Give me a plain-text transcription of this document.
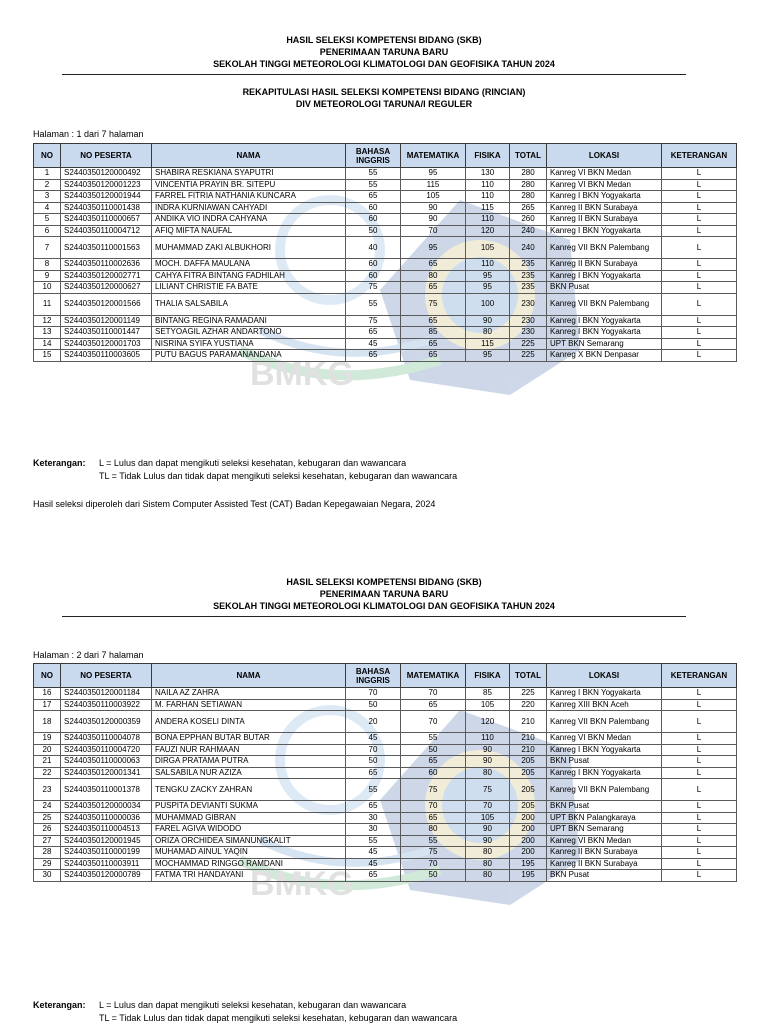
BMKG
HASIL SELEKSI KOMPETENSI BIDANG (SKB)
PENERIMAAN TARUNA BARU
SEKOLAH TINGGI METEOROLOGI KLIMATOLOGI DAN GEOFISIKA TAHUN 2024
REKAPITULASI HASIL SELEKSI KOMPETENSI BIDANG (RINCIAN)
DIV METEOROLOGI TARUNA/I REGULER
Halaman : 1 dari 7 halaman
NO	NO PESERTA	NAMA	BAHASA INGGRIS	MATEMATIKA	FISIKA	TOTAL	LOKASI	KETERANGAN
1	S2440350120000492	SHABIRA RESKIANA SYAPUTRI	55	95	130	280	Kanreg VI BKN Medan	L
2	S2440350120001223	VINCENTIA PRAYIN BR. SITEPU	55	115	110	280	Kanreg VI BKN Medan	L
3	S2440350120001944	FARREL FITRIA NATHANIA KUNCARA	65	105	110	280	Kanreg I BKN Yogyakarta	L
4	S2440350110001438	INDRA KURNIAWAN CAHYADI	60	90	115	265	Kanreg II BKN Surabaya	L
5	S2440350110000657	ANDIKA VIO INDRA CAHYANA	60	90	110	260	Kanreg II BKN Surabaya	L
6	S2440350110004712	AFIQ MIFTA NAUFAL	50	70	120	240	Kanreg I BKN Yogyakarta	L
7	S2440350110001563	MUHAMMAD ZAKI ALBUKHORI	40	95	105	240	Kanreg VII BKN Palembang	L
8	S2440350110002636	MOCH. DAFFA MAULANA	60	65	110	235	Kanreg II BKN Surabaya	L
9	S2440350120002771	CAHYA FITRA BINTANG FADHILAH	60	80	95	235	Kanreg I BKN Yogyakarta	L
10	S2440350120000627	LILIANT CHRISTIE FA BATE	75	65	95	235	BKN Pusat	L
11	S2440350120001566	THALIA SALSABILA	55	75	100	230	Kanreg VII BKN Palembang	L
12	S2440350120001149	BINTANG REGINA RAMADANI	75	65	90	230	Kanreg I BKN Yogyakarta	L
13	S2440350110001447	SETYOAGIL AZHAR ANDARTONO	65	85	80	230	Kanreg I BKN Yogyakarta	L
14	S2440350120001703	NISRINA SYIFA YUSTIANA	45	65	115	225	UPT BKN Semarang	L
15	S2440350110003605	PUTU BAGUS PARAMANANDANA	65	65	95	225	Kanreg X BKN Denpasar	L
Keterangan: L = Lulus dan dapat mengikuti seleksi kesehatan, kebugaran dan wawancara
TL = Tidak Lulus dan tidak dapat mengikuti seleksi kesehatan, kebugaran dan wawancara
Hasil seleksi diperoleh dari Sistem Computer Assisted Test (CAT) Badan Kepegawaian Negara, 2024
BMKG
HASIL SELEKSI KOMPETENSI BIDANG (SKB)
PENERIMAAN TARUNA BARU
SEKOLAH TINGGI METEOROLOGI KLIMATOLOGI DAN GEOFISIKA TAHUN 2024
Halaman : 2 dari 7 halaman
NO	NO PESERTA	NAMA	BAHASA INGGRIS	MATEMATIKA	FISIKA	TOTAL	LOKASI	KETERANGAN
16	S2440350120001184	NAILA AZ ZAHRA	70	70	85	225	Kanreg I BKN Yogyakarta	L
17	S2440350110003922	M. FARHAN SETIAWAN	50	65	105	220	Kanreg XIII BKN Aceh	L
18	S2440350120000359	ANDERA KOSELI DINTA	20	70	120	210	Kanreg VII BKN Palembang	L
19	S2440350110004078	BONA EPPHAN BUTAR BUTAR	45	55	110	210	Kanreg VI BKN Medan	L
20	S2440350110004720	FAUZI NUR RAHMAAN	70	50	90	210	Kanreg I BKN Yogyakarta	L
21	S2440350110000063	DIRGA PRATAMA PUTRA	50	65	90	205	BKN Pusat	L
22	S2440350120001341	SALSABILA NUR AZIZA	65	60	80	205	Kanreg I BKN Yogyakarta	L
23	S2440350110001378	TENGKU ZACKY ZAHRAN	55	75	75	205	Kanreg VII BKN Palembang	L
24	S2440350120000034	PUSPITA DEVIANTI SUKMA	65	70	70	205	BKN Pusat	L
25	S2440350110000036	MUHAMMAD GIBRAN	30	65	105	200	UPT BKN Palangkaraya	L
26	S2440350110004513	FAREL AGIVA WIDODO	30	80	90	200	UPT BKN Semarang	L
27	S2440350120001945	ORIZA ORCHIDEA SIMANUNGKALIT	55	55	90	200	Kanreg VI BKN Medan	L
28	S2440350110000199	MUHAMAD AINUL YAQIN	45	75	80	200	Kanreg II BKN Surabaya	L
29	S2440350110003911	MOCHAMMAD RINGGO RAMDANI	45	70	80	195	Kanreg II BKN Surabaya	L
30	S2440350120000789	FATMA TRI HANDAYANI	65	50	80	195	BKN Pusat	L
Keterangan: L = Lulus dan dapat mengikuti seleksi kesehatan, kebugaran dan wawancara
TL = Tidak Lulus dan tidak dapat mengikuti seleksi kesehatan, kebugaran dan wawancara
